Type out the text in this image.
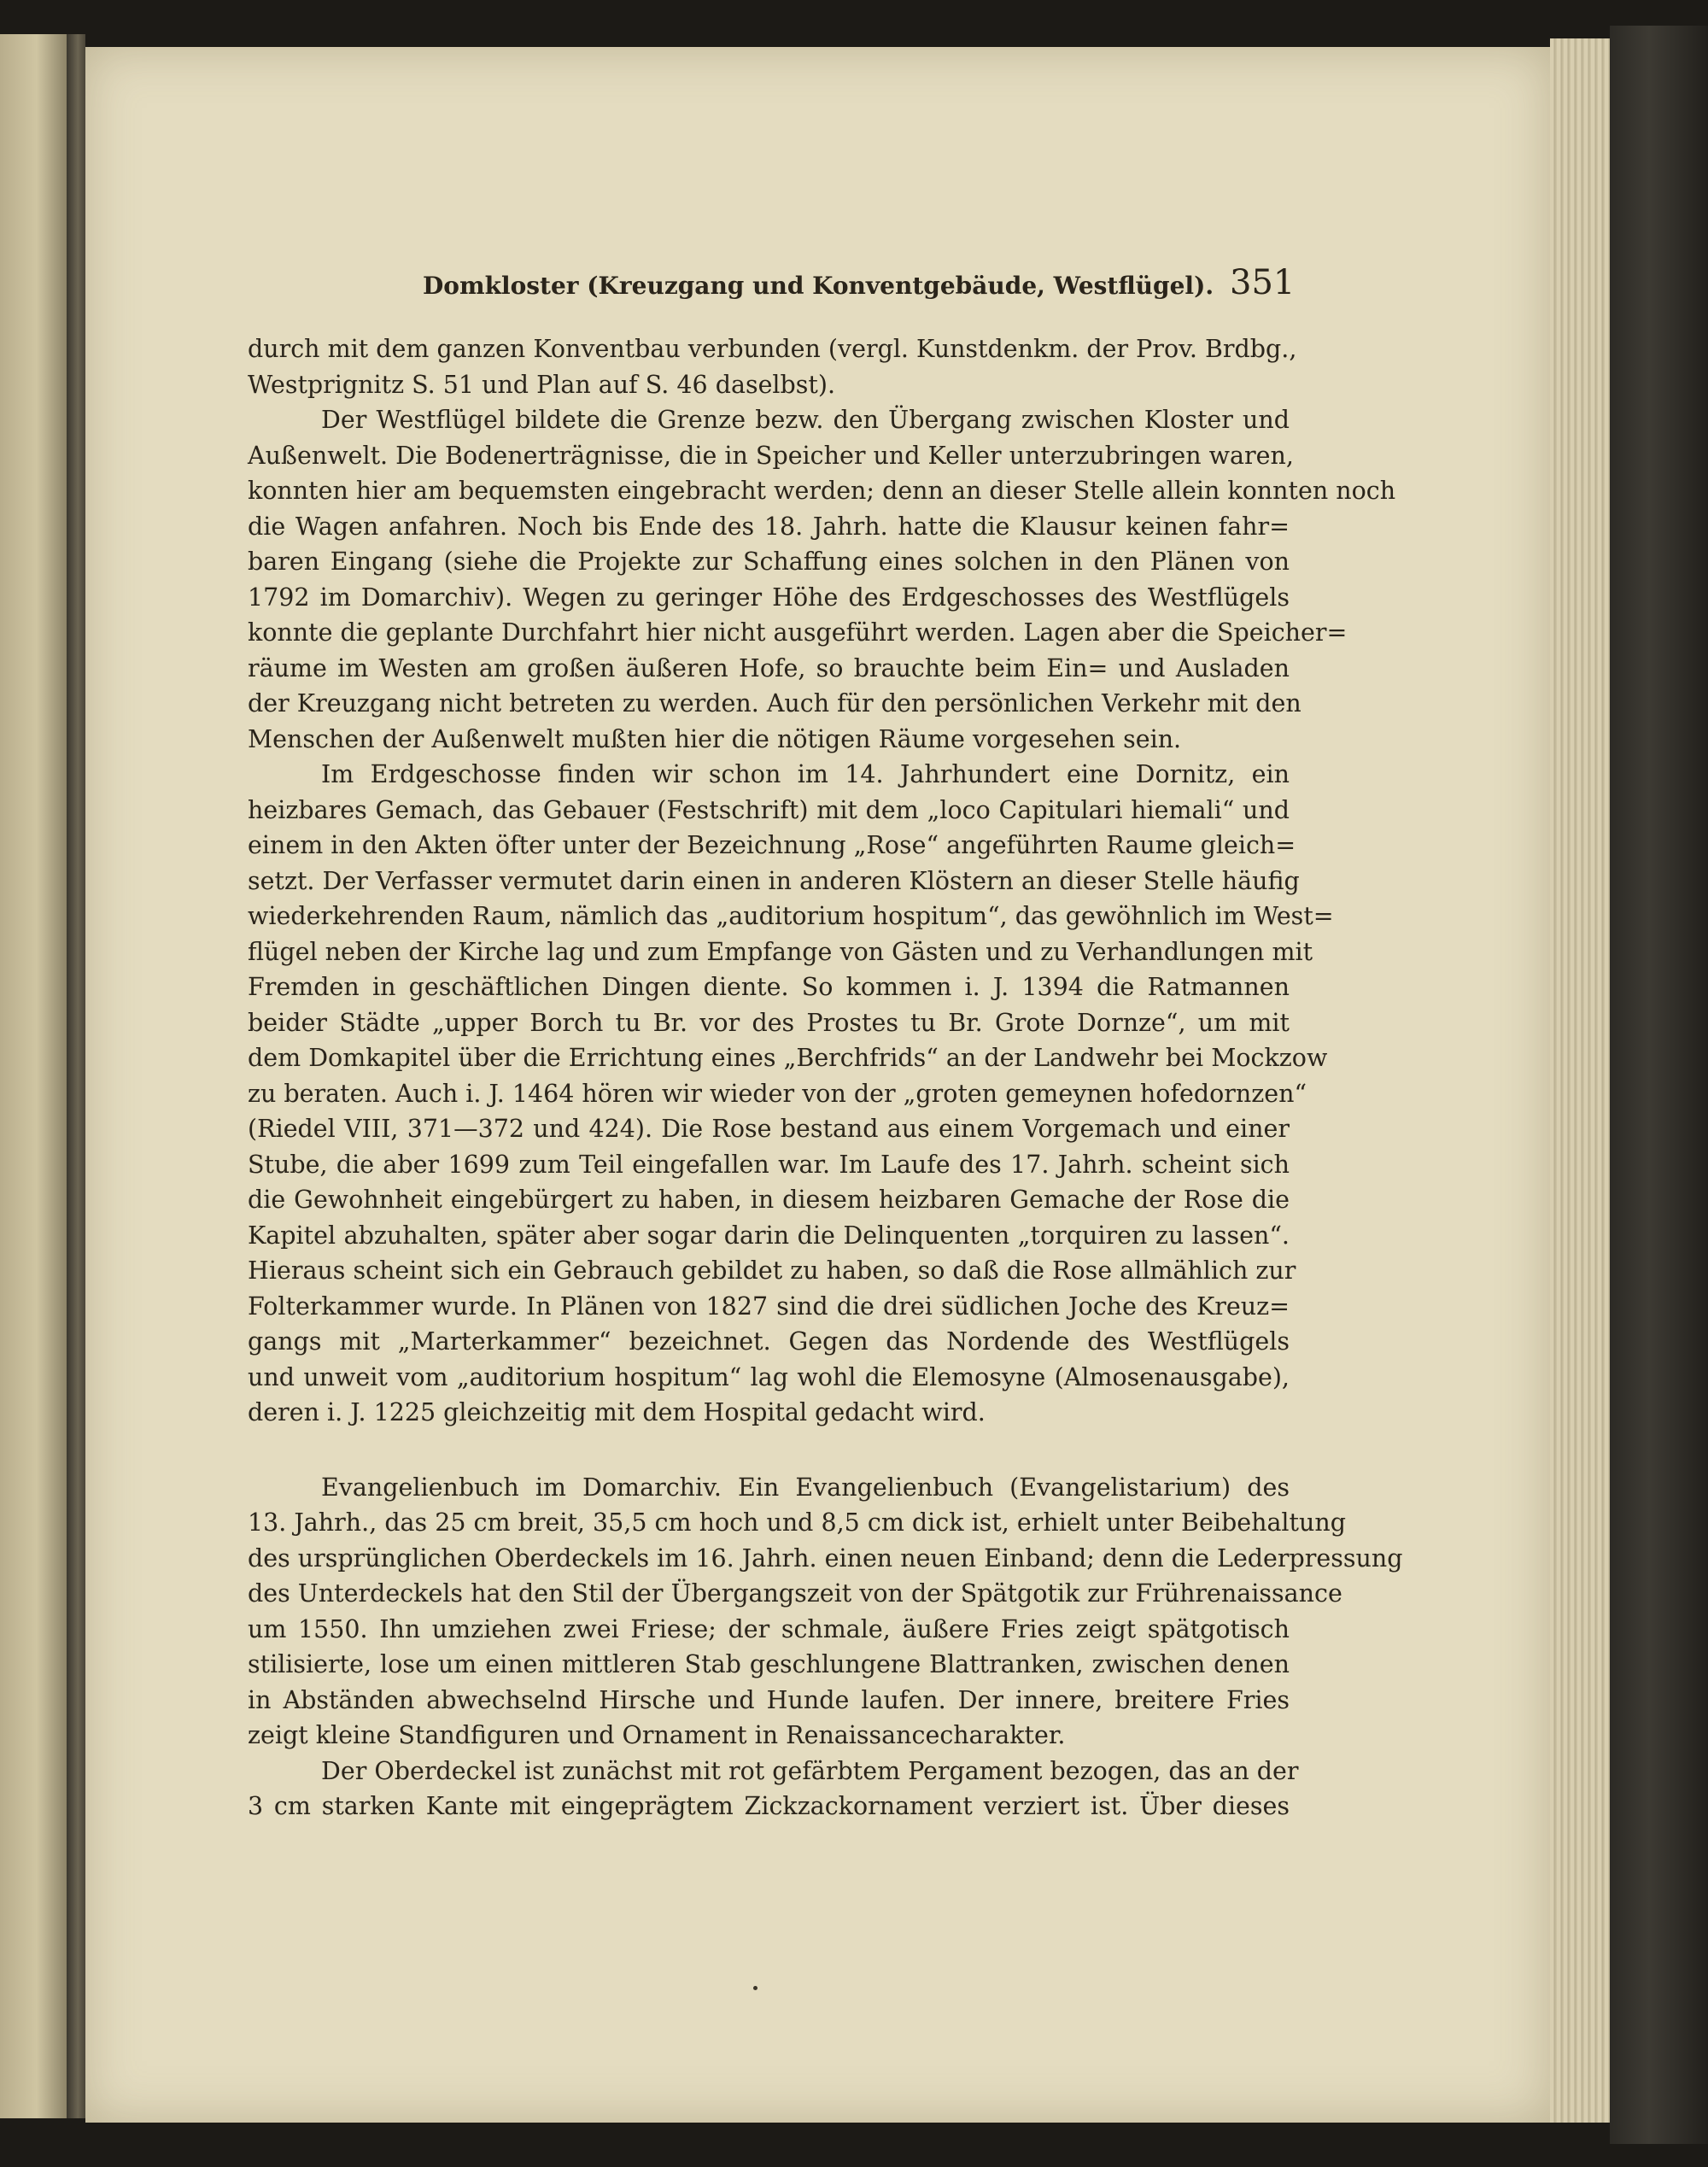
Domkloster (Kreuzgang und Konventgebäude, Westflügel). 351
durch mit dem ganzen Konventbau verbunden (vergl. Kunstdenkm. der Prov. Brdbg.,
Westprignitz S. 51 und Plan auf S. 46 daselbst).
Der Westflügel bildete die Grenze bezw. den Übergang zwischen Kloster und
Außenwelt. Die Bodenerträgnisse, die in Speicher und Keller unterzubringen waren,
konnten hier am bequemsten eingebracht werden; denn an dieser Stelle allein konnten noch
die Wagen anfahren. Noch bis Ende des 18. Jahrh. hatte die Klausur keinen fahr=
baren Eingang (siehe die Projekte zur Schaffung eines solchen in den Plänen von
1792 im Domarchiv). Wegen zu geringer Höhe des Erdgeschosses des Westflügels
konnte die geplante Durchfahrt hier nicht ausgeführt werden. Lagen aber die Speicher=
räume im Westen am großen äußeren Hofe, so brauchte beim Ein= und Ausladen
der Kreuzgang nicht betreten zu werden. Auch für den persönlichen Verkehr mit den
Menschen der Außenwelt mußten hier die nötigen Räume vorgesehen sein.
Im Erdgeschosse finden wir schon im 14. Jahrhundert eine Dornitz, ein
heizbares Gemach, das Gebauer (Festschrift) mit dem „loco Capitulari hiemali“ und
einem in den Akten öfter unter der Bezeichnung „Rose“ angeführten Raume gleich=
setzt. Der Verfasser vermutet darin einen in anderen Klöstern an dieser Stelle häufig
wiederkehrenden Raum, nämlich das „auditorium hospitum“, das gewöhnlich im West=
flügel neben der Kirche lag und zum Empfange von Gästen und zu Verhandlungen mit
Fremden in geschäftlichen Dingen diente. So kommen i. J. 1394 die Ratmannen
beider Städte „upper Borch tu Br. vor des Prostes tu Br. Grote Dornze“, um mit
dem Domkapitel über die Errichtung eines „Berchfrids“ an der Landwehr bei Mockzow
zu beraten. Auch i. J. 1464 hören wir wieder von der „groten gemeynen hofedornzen“
(Riedel VIII, 371—372 und 424). Die Rose bestand aus einem Vorgemach und einer
Stube, die aber 1699 zum Teil eingefallen war. Im Laufe des 17. Jahrh. scheint sich
die Gewohnheit eingebürgert zu haben, in diesem heizbaren Gemache der Rose die
Kapitel abzuhalten, später aber sogar darin die Delinquenten „torquiren zu lassen“.
Hieraus scheint sich ein Gebrauch gebildet zu haben, so daß die Rose allmählich zur
Folterkammer wurde. In Plänen von 1827 sind die drei südlichen Joche des Kreuz=
gangs mit „Marterkammer“ bezeichnet. Gegen das Nordende des Westflügels
und unweit vom „auditorium hospitum“ lag wohl die Elemosyne (Almosenausgabe),
deren i. J. 1225 gleichzeitig mit dem Hospital gedacht wird.
Evangelienbuch im Domarchiv. Ein Evangelienbuch (Evangelistarium) des
13. Jahrh., das 25 cm breit, 35,5 cm hoch und 8,5 cm dick ist, erhielt unter Beibehaltung
des ursprünglichen Oberdeckels im 16. Jahrh. einen neuen Einband; denn die Lederpressung
des Unterdeckels hat den Stil der Übergangszeit von der Spätgotik zur Frührenaissance
um 1550. Ihn umziehen zwei Friese; der schmale, äußere Fries zeigt spätgotisch
stilisierte, lose um einen mittleren Stab geschlungene Blattranken, zwischen denen
in Abständen abwechselnd Hirsche und Hunde laufen. Der innere, breitere Fries
zeigt kleine Standfiguren und Ornament in Renaissancecharakter.
Der Oberdeckel ist zunächst mit rot gefärbtem Pergament bezogen, das an der
3 cm starken Kante mit eingeprägtem Zickzackornament verziert ist. Über dieses
